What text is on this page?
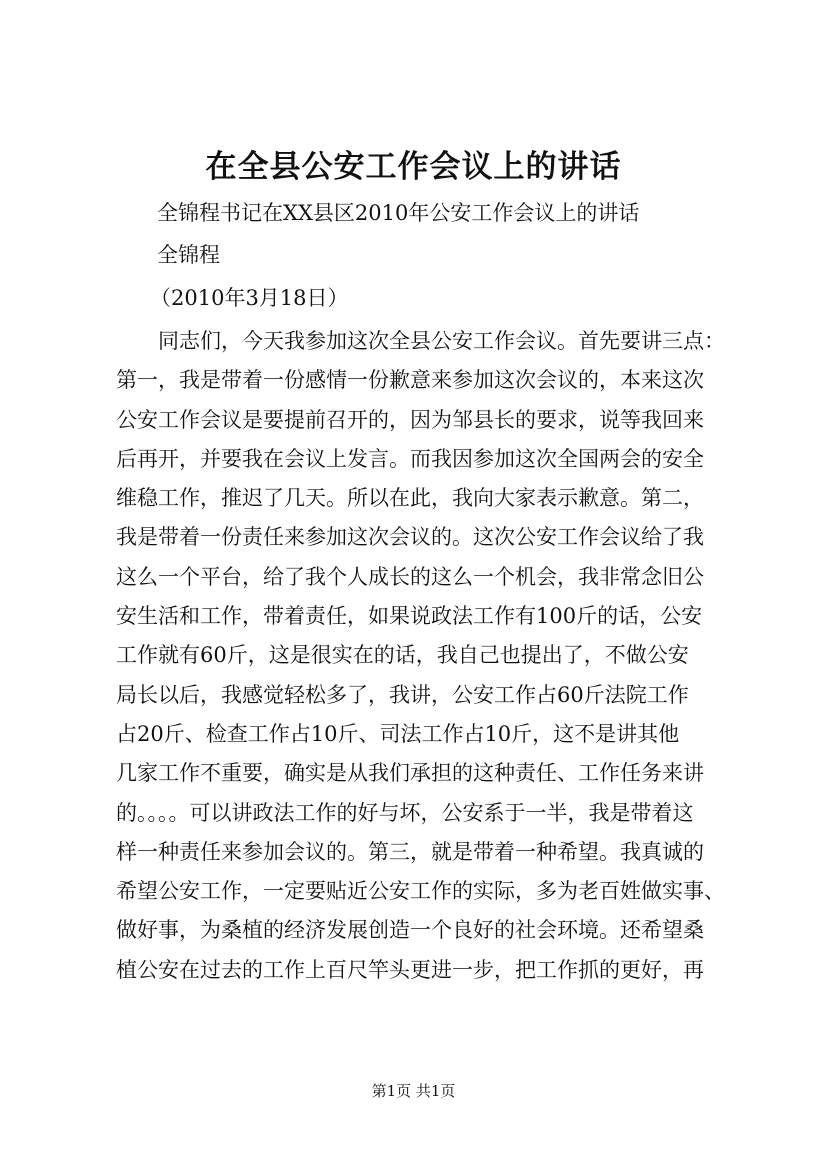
在全县公安工作会议上的讲话

全锦程书记在XX县区2010年公安工作会议上的讲话

全锦程

（2010年3月18日）

同志们，今天我参加这次全县公安工作会议。首先要讲三点：
第一，我是带着一份感情一份歉意来参加这次会议的，本来这次
公安工作会议是要提前召开的，因为邹县长的要求，说等我回来
后再开，并要我在会议上发言。而我因参加这次全国两会的安全
维稳工作，推迟了几天。所以在此，我向大家表示歉意。第二，
我是带着一份责任来参加这次会议的。这次公安工作会议给了我
这么一个平台，给了我个人成长的这么一个机会，我非常念旧公
安生活和工作，带着责任，如果说政法工作有100斤的话，公安
工作就有60斤，这是很实在的话，我自己也提出了，不做公安
局长以后，我感觉轻松多了，我讲，公安工作占60斤法院工作
占20斤、检查工作占10斤、司法工作占10斤，这不是讲其他
几家工作不重要，确实是从我们承担的这种责任、工作任务来讲
的。。。。可以讲政法工作的好与坏，公安系于一半，我是带着这
样一种责任来参加会议的。第三，就是带着一种希望。我真诚的
希望公安工作，一定要贴近公安工作的实际，多为老百姓做实事、
做好事，为桑植的经济发展创造一个良好的社会环境。还希望桑
植公安在过去的工作上百尺竿头更进一步，把工作抓的更好，再

第1页 共1页
